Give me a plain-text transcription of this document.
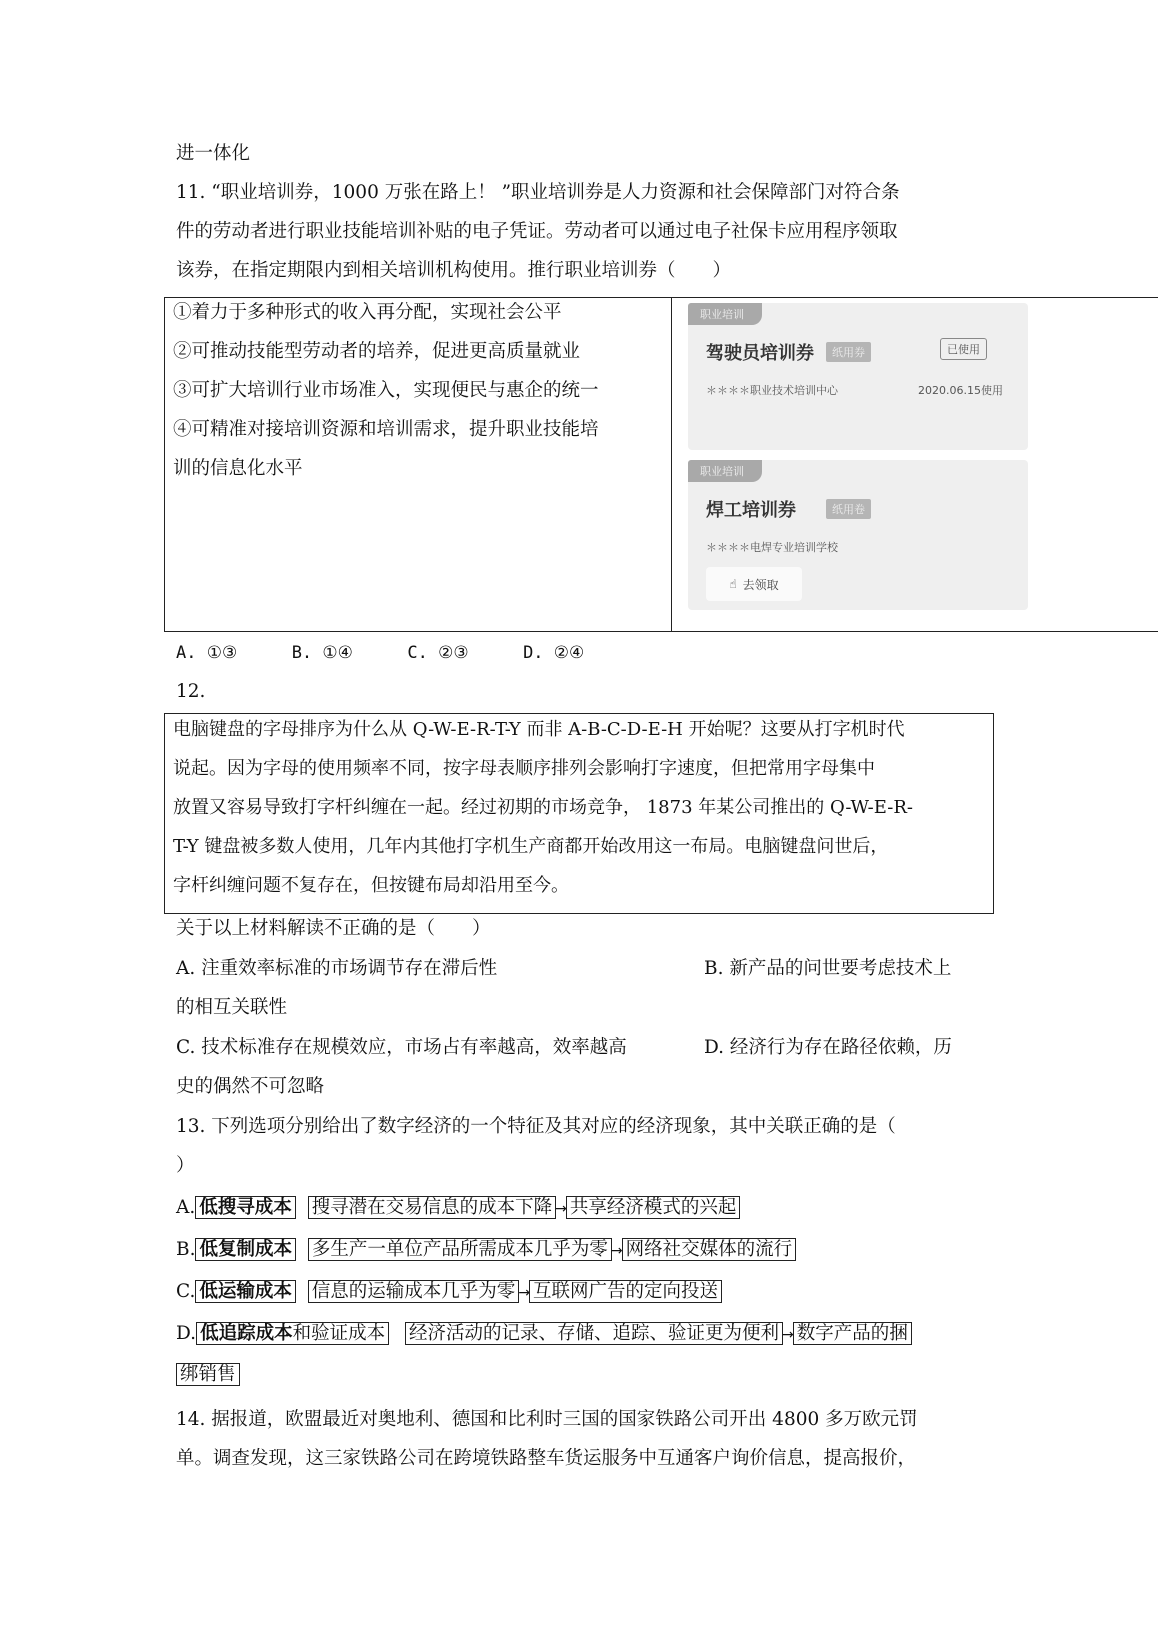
进一体化
11. “职业培训券，1000 万张在路上！ ”职业培训券是人力资源和社会保障部门对符合条
件的劳动者进行职业技能培训补贴的电子凭证。劳动者可以通过电子社保卡应用程序领取
该券，在指定期限内到相关培训机构使用。推行职业培训券（　　）
①着力于多种形式的收入再分配，实现社会公平
②可推动技能型劳动者的培养，促进更高质量就业
③可扩大培训行业市场准入，实现便民与惠企的统一
④可精准对接培训资源和培训需求，提升职业技能培
训的信息化水平
职业培训
驾驶员培训券	纸用券	已使用
＊＊＊＊职业技术培训中心	2020.06.15使用
职业培训
焊工培训券	纸用卷
＊＊＊＊电焊专业培训学校
☝ 去领取
A. ①③	B. ①④	C. ②③	D. ②④
12.
电脑键盘的字母排序为什么从 Q-W-E-R-T-Y 而非 A-B-C-D-E-H 开始呢？这要从打字机时代
说起。因为字母的使用频率不同，按字母表顺序排列会影响打字速度，但把常用字母集中
放置又容易导致打字杆纠缠在一起。经过初期的市场竞争， 1873 年某公司推出的 Q-W-E-R-
T-Y 键盘被多数人使用，几年内其他打字机生产商都开始改用这一布局。电脑键盘问世后，
字杆纠缠问题不复存在，但按键布局却沿用至今。
关于以上材料解读不正确的是（　　）
A. 注重效率标准的市场调节存在滞后性	B. 新产品的问世要考虑技术上
的相互关联性
C. 技术标准存在规模效应，市场占有率越高，效率越高	D. 经济行为存在路径依赖，历
史的偶然不可忽略
13. 下列选项分别给出了数字经济的一个特征及其对应的经济现象，其中关联正确的是（
）
A. 低搜寻成本 搜寻潜在交易信息的成本下降 → 共享经济模式的兴起
B. 低复制成本 多生产一单位产品所需成本几乎为零 → 网络社交媒体的流行
C. 低运输成本 信息的运输成本几乎为零 → 互联网广告的定向投送
D. 低追踪成本和验证成本 经济活动的记录、存储、追踪、验证更为便利 → 数字产品的捆
绑销售
14. 据报道，欧盟最近对奥地利、德国和比利时三国的国家铁路公司开出 4800 多万欧元罚
单。调查发现，这三家铁路公司在跨境铁路整车货运服务中互通客户询价信息，提高报价，
